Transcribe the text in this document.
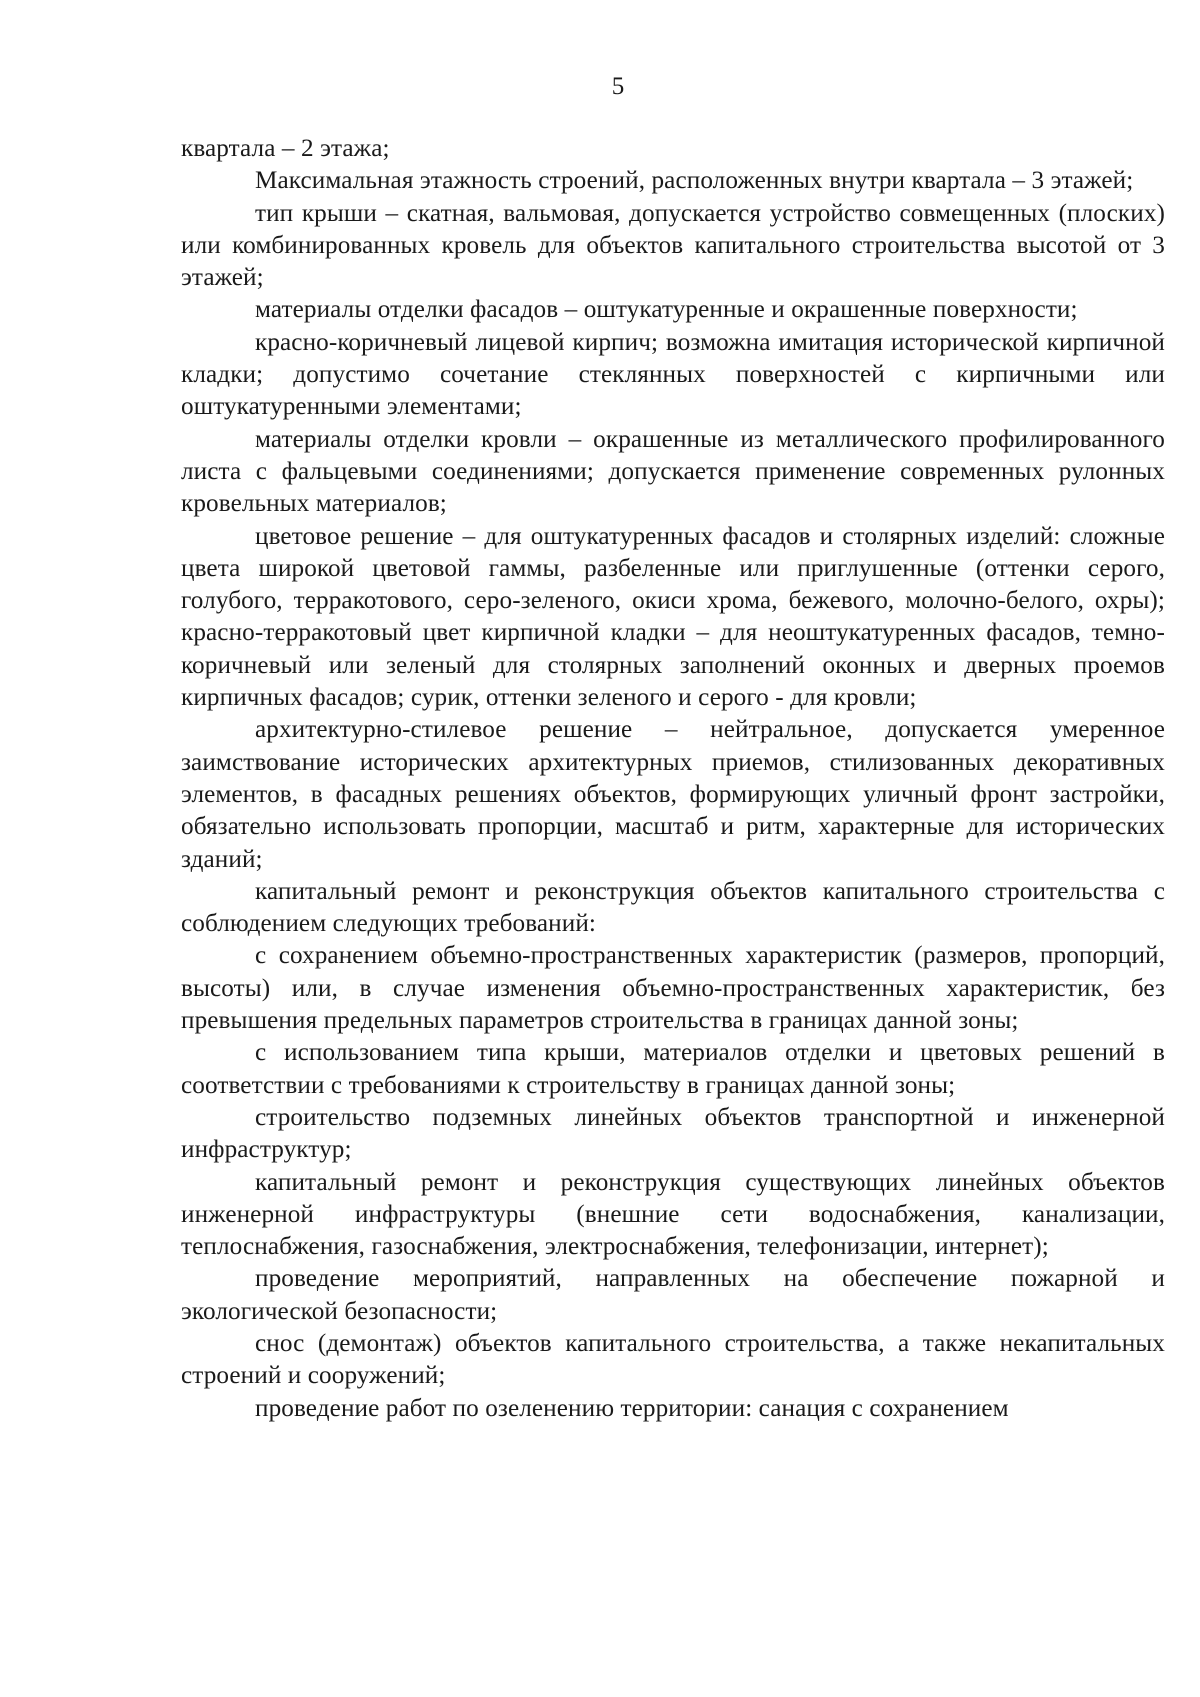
5

квартала – 2 этажа;

Максимальная этажность строений, расположенных внутри квартала – 3 этажей;

тип крыши – скатная, вальмовая, допускается устройство совмещенных (плоских) или комбинированных кровель для объектов капитального строительства высотой от 3 этажей;

материалы отделки фасадов – оштукатуренные и окрашенные поверхности;

красно-коричневый лицевой кирпич; возможна имитация исторической кирпичной кладки; допустимо сочетание стеклянных поверхностей с кирпичными или оштукатуренными элементами;

материалы отделки кровли – окрашенные из металлического профилированного листа с фальцевыми соединениями; допускается применение современных рулонных кровельных материалов;

цветовое решение – для оштукатуренных фасадов и столярных изделий: сложные цвета широкой цветовой гаммы, разбеленные или приглушенные (оттенки серого, голубого, терракотового, серо-зеленого, окиси хрома, бежевого, молочно-белого, охры); красно-терракотовый цвет кирпичной кладки – для неоштукатуренных фасадов, темно-коричневый или зеленый для столярных заполнений оконных и дверных проемов кирпичных фасадов; сурик, оттенки зеленого и серого - для кровли;

архитектурно-стилевое решение – нейтральное, допускается умеренное заимствование исторических архитектурных приемов, стилизованных декоративных элементов, в фасадных решениях объектов, формирующих уличный фронт застройки, обязательно использовать пропорции, масштаб и ритм, характерные для исторических зданий;

капитальный ремонт и реконструкция объектов капитального строительства с соблюдением следующих требований:

с сохранением объемно-пространственных характеристик (размеров, пропорций, высоты) или, в случае изменения объемно-пространственных характеристик, без превышения предельных параметров строительства в границах данной зоны;

с использованием типа крыши, материалов отделки и цветовых решений в соответствии с требованиями к строительству в границах данной зоны;

строительство подземных линейных объектов транспортной и инженерной инфраструктур;

капитальный ремонт и реконструкция существующих линейных объектов инженерной инфраструктуры (внешние сети водоснабжения, канализации, теплоснабжения, газоснабжения, электроснабжения, телефонизации, интернет);

проведение мероприятий, направленных на обеспечение пожарной и экологической безопасности;

снос (демонтаж) объектов капитального строительства, а также некапитальных строений и сооружений;

проведение работ по озеленению территории: санация с сохранением
